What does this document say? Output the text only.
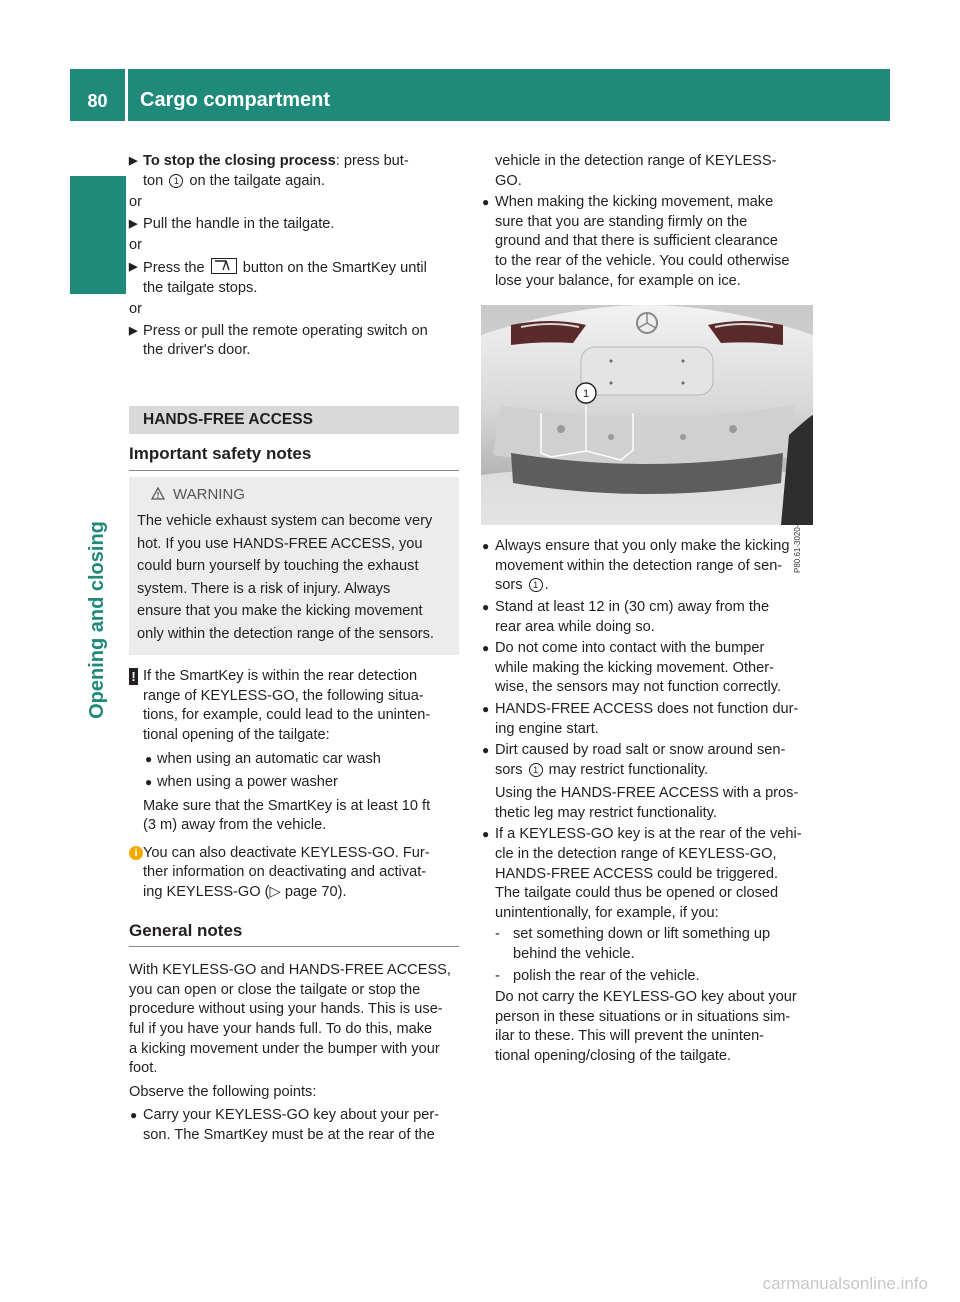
80	Cargo compartment
Opening and closing
▶ To stop the closing process: press but-
ton 1 on the tailgate again.
or
▶ Pull the handle in the tailgate.
or
▶ Press the
button on the SmartKey until
the tailgate stops.
or
▶ Press or pull the remote operating switch on
the driver's door.
HANDS-FREE ACCESS
Important safety notes
WARNING
The vehicle exhaust system can become very
hot. If you use HANDS-FREE ACCESS, you
could burn yourself by touching the exhaust
system. There is a risk of injury. Always
ensure that you make the kicking movement
only within the detection range of the sensors.
! If the SmartKey is within the rear detection
range of KEYLESS-GO, the following situa-
tions, for example, could lead to the uninten-
tional opening of the tailgate:
● when using an automatic car wash
● when using a power washer
Make sure that the SmartKey is at least 10 ft
(3 m) away from the vehicle.
i You can also deactivate KEYLESS-GO. Fur-
ther information on deactivating and activat-
ing KEYLESS-GO (▷ page 70).
General notes
With KEYLESS-GO and HANDS-FREE ACCESS,
you can open or close the tailgate or stop the
procedure without using your hands. This is use-
ful if you have your hands full. To do this, make
a kicking movement under the bumper with your
foot.
Observe the following points:
● Carry your KEYLESS-GO key about your per-
son. The SmartKey must be at the rear of the
vehicle in the detection range of KEYLESS-
GO.
● When making the kicking movement, make
sure that you are standing firmly on the
ground and that there is sufficient clearance
to the rear of the vehicle. You could otherwise
lose your balance, for example on ice.
1
P80.61-3020-31
● Always ensure that you only make the kicking
movement within the detection range of sen-
sors 1 .
● Stand at least 12 in (30 cm) away from the
rear area while doing so.
● Do not come into contact with the bumper
while making the kicking movement. Other-
wise, the sensors may not function correctly.
● HANDS-FREE ACCESS does not function dur-
ing engine start.
● Dirt caused by road salt or snow around sen-
sors 1 may restrict functionality.
Using the HANDS-FREE ACCESS with a pros-
thetic leg may restrict functionality.
● If a KEYLESS-GO key is at the rear of the vehi-
cle in the detection range of KEYLESS-GO,
HANDS-FREE ACCESS could be triggered.
The tailgate could thus be opened or closed
unintentionally, for example, if you:
- set something down or lift something up
behind the vehicle.
- polish the rear of the vehicle.
Do not carry the KEYLESS-GO key about your
person in these situations or in situations sim-
ilar to these. This will prevent the uninten-
tional opening/closing of the tailgate.
carmanualsonline.info
